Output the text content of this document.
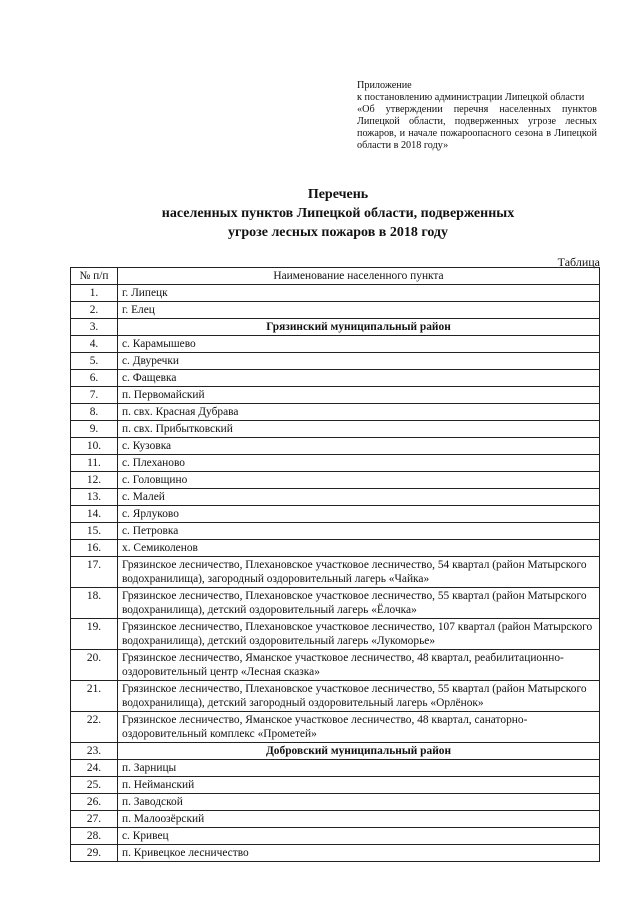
Приложение
к постановлению администрации Липецкой области
«Об утверждении перечня населенных пунктов Липецкой области, подверженных угрозе лесных пожаров, и начале пожароопасного сезона в Липецкой области в 2018 году»
Перечень
населенных пунктов Липецкой области, подверженных
угрозе лесных пожаров в 2018 году
Таблица
№ п/п	Наименование населенного пункта
1.	г. Липецк
2.	г. Елец
3.	Грязинский муниципальный район
4.	с. Карамышево
5.	с. Двуречки
6.	с. Фащевка
7.	п. Первомайский
8.	п. свх. Красная Дубрава
9.	п. свх. Прибытковский
10.	с. Кузовка
11.	с. Плеханово
12.	с. Головщино
13.	с. Малей
14.	с. Ярлуково
15.	с. Петровка
16.	х. Семиколенов
17.	Грязинское лесничество, Плехановское участковое лесничество, 54 квартал (район Матырского водохранилища), загородный оздоровительный лагерь «Чайка»
18.	Грязинское лесничество, Плехановское участковое лесничество, 55 квартал (район Матырского водохранилища), детский оздоровительный лагерь «Ёлочка»
19.	Грязинское лесничество, Плехановское участковое лесничество, 107 квартал (район Матырского водохранилища), детский оздоровительный лагерь «Лукоморье»
20.	Грязинское лесничество, Яманское участковое лесничество, 48 квартал, реабилитационно-оздоровительный центр «Лесная сказка»
21.	Грязинское лесничество, Плехановское участковое лесничество, 55 квартал (район Матырского водохранилища), детский загородный оздоровительный лагерь «Орлёнок»
22.	Грязинское лесничество, Яманское участковое лесничество, 48 квартал, санаторно-оздоровительный комплекс «Прометей»
23.	Добровский муниципальный район
24.	п. Зарницы
25.	п. Нейманский
26.	п. Заводской
27.	п. Малоозёрский
28.	с. Кривец
29.	п. Кривецкое лесничество
